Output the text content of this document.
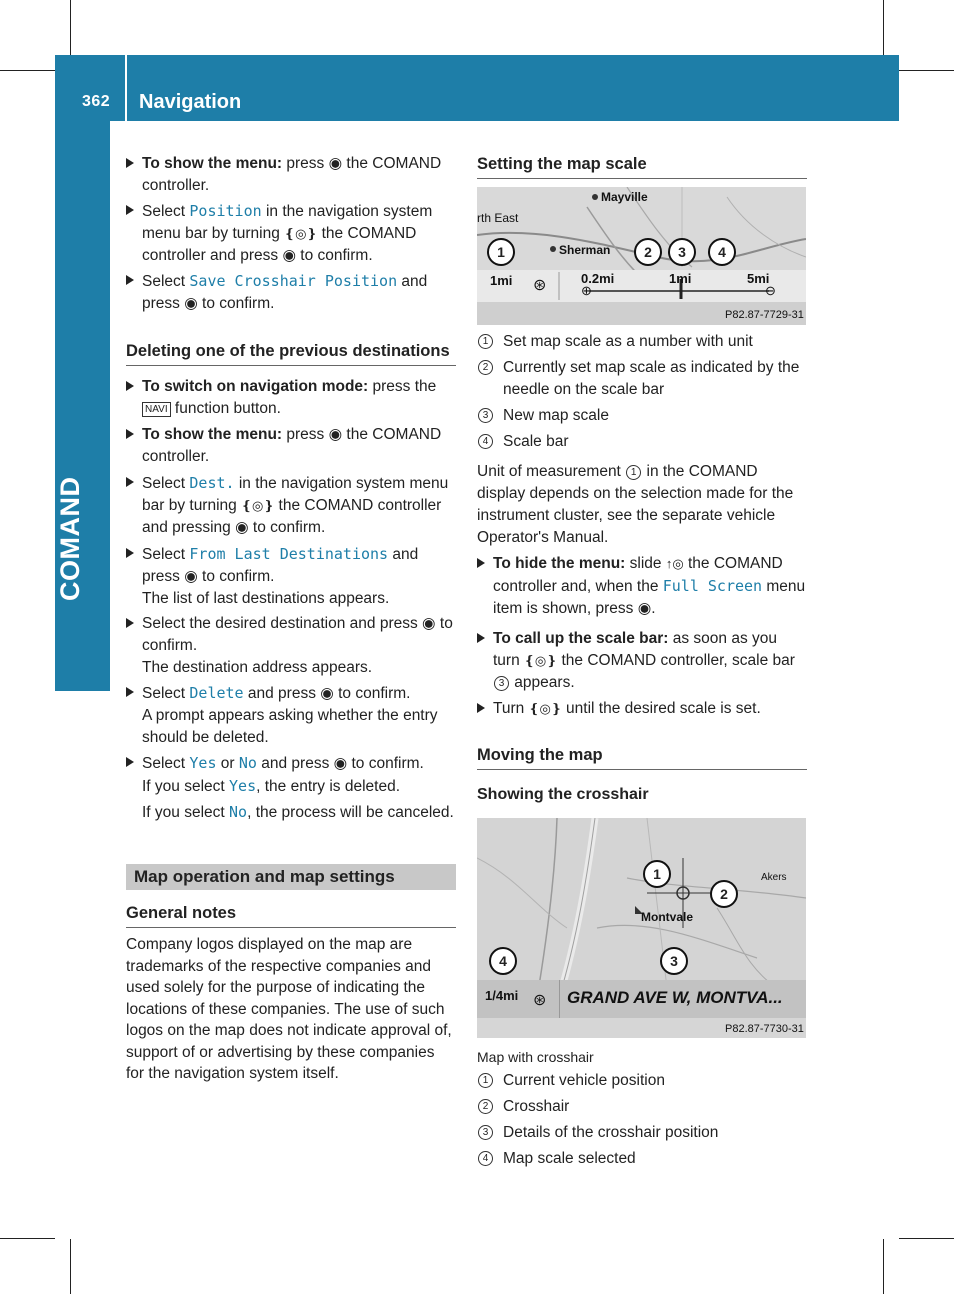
362 Navigation
COMAND
To show the menu: press ◉ the COMAND controller.
Select Position in the navigation system menu bar by turning ❴◎❵ the COMAND controller and press ◉ to confirm.
Select Save Crosshair Position and press ◉ to confirm.
Deleting one of the previous destinations
To switch on navigation mode: press the NAVI function button.
To show the menu: press ◉ the COMAND controller.
Select Dest. in the navigation system menu bar by turning ❴◎❵ the COMAND controller and pressing ◉ to confirm.
Select From Last Destinations and press ◉ to confirm.
The list of last destinations appears.
Select the desired destination and press ◉ to confirm.
The destination address appears.
Select Delete and press ◉ to confirm.
A prompt appears asking whether the entry should be deleted.
Select Yes or No and press ◉ to confirm.
If you select Yes, the entry is deleted.

If you select No, the process will be canceled.

Map operation and map settings
General notes

Company logos displayed on the map are trademarks of the respective companies and used solely for the purpose of indicating the locations of these companies. The use of such logos on the map does not indicate approval of, support of or advertising by these companies for the navigation system itself.

Setting the map scale
Mayville
rth East
Sherman
1mi ⊛	0.2mi	1mi	5mi
⊕	⊖
P82.87-7729-31
1	2	3	4
1 Set map scale as a number with unit
2 Currently set map scale as indicated by the needle on the scale bar
3 New map scale
4 Scale bar

Unit of measurement 1 in the COMAND display depends on the selection made for the instrument cluster, see the separate vehicle Operator's Manual.

To hide the menu: slide ↑◎ the COMAND controller and, when the Full Screen menu item is shown, press ◉.
To call up the scale bar: as soon as you turn ❴◎❵ the COMAND controller, scale bar 3 appears.
Turn ❴◎❵ until the desired scale is set.
Moving the map
Showing the crosshair
Montvale
Akers
1/4mi ⊛ GRAND AVE W, MONTVA...
P82.87-7730-31
1
2
3
4

Map with crosshair

1 Current vehicle position
2 Crosshair
3 Details of the crosshair position
4 Map scale selected
